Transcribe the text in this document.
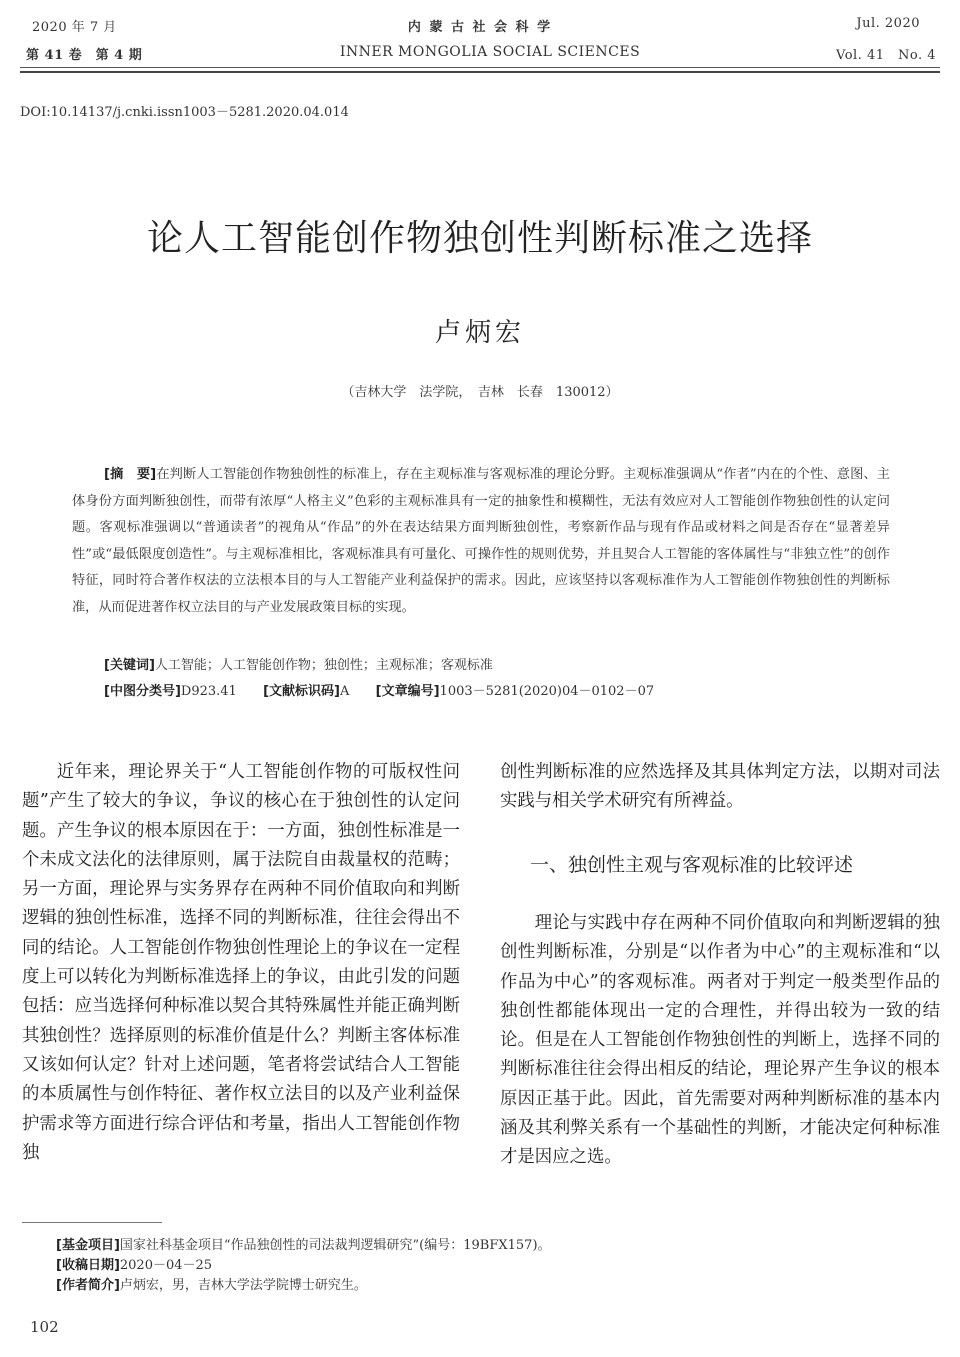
2020 年 7 月
第 41 卷　第 4 期
内 蒙 古 社 会 科 学
INNER MONGOLIA SOCIAL SCIENCES
Jul. 2020
Vol. 41　No. 4
DOI:10.14137/j.cnki.issn1003－5281.2020.04.014
论人工智能创作物独创性判断标准之选择
卢炳宏
（吉林大学　法学院，　吉林　长春　130012）
[摘　要]在判断人工智能创作物独创性的标准上，存在主观标准与客观标准的理论分野。主观标准强调从“作者”内在的个性、意图、主体身份方面判断独创性，而带有浓厚“人格主义”色彩的主观标准具有一定的抽象性和模糊性，无法有效应对人工智能创作物独创性的认定问题。客观标准强调以“普通读者”的视角从“作品”的外在表达结果方面判断独创性，考察新作品与现有作品或材料之间是否存在“显著差异性”或“最低限度创造性”。与主观标准相比，客观标准具有可量化、可操作性的规则优势，并且契合人工智能的客体属性与“非独立性”的创作特征，同时符合著作权法的立法根本目的与人工智能产业利益保护的需求。因此，应该坚持以客观标准作为人工智能创作物独创性的判断标准，从而促进著作权立法目的与产业发展政策目标的实现。
[关键词]人工智能；人工智能创作物；独创性；主观标准；客观标准
[中图分类号]D923.41 [文献标识码]A [文章编号]1003－5281(2020)04－0102－07

近年来，理论界关于“人工智能创作物的可版权性问题”产生了较大的争议，争议的核心在于独创性的认定问题。产生争议的根本原因在于：一方面，独创性标准是一个未成文法化的法律原则，属于法院自由裁量权的范畴；另一方面，理论界与实务界存在两种不同价值取向和判断逻辑的独创性标准，选择不同的判断标准，往往会得出不同的结论。人工智能创作物独创性理论上的争议在一定程度上可以转化为判断标准选择上的争议，由此引发的问题包括：应当选择何种标准以契合其特殊属性并能正确判断其独创性？选择原则的标准价值是什么？判断主客体标准又该如何认定？针对上述问题，笔者将尝试结合人工智能的本质属性与创作特征、著作权立法目的以及产业利益保护需求等方面进行综合评估和考量，指出人工智能创作物独

创性判断标准的应然选择及其具体判定方法，以期对司法实践与相关学术研究有所裨益。

一、独创性主观与客观标准的比较评述

理论与实践中存在两种不同价值取向和判断逻辑的独创性判断标准，分别是“以作者为中心”的主观标准和“以作品为中心”的客观标准。两者对于判定一般类型作品的独创性都能体现出一定的合理性，并得出较为一致的结论。但是在人工智能创作物独创性的判断上，选择不同的判断标准往往会得出相反的结论，理论界产生争议的根本原因正基于此。因此，首先需要对两种判断标准的基本内涵及其利弊关系有一个基础性的判断，才能决定何种标准才是因应之选。

[基金项目]国家社科基金项目“作品独创性的司法裁判逻辑研究”(编号：19BFX157)。
[收稿日期]2020－04－25
[作者简介]卢炳宏，男，吉林大学法学院博士研究生。
102
